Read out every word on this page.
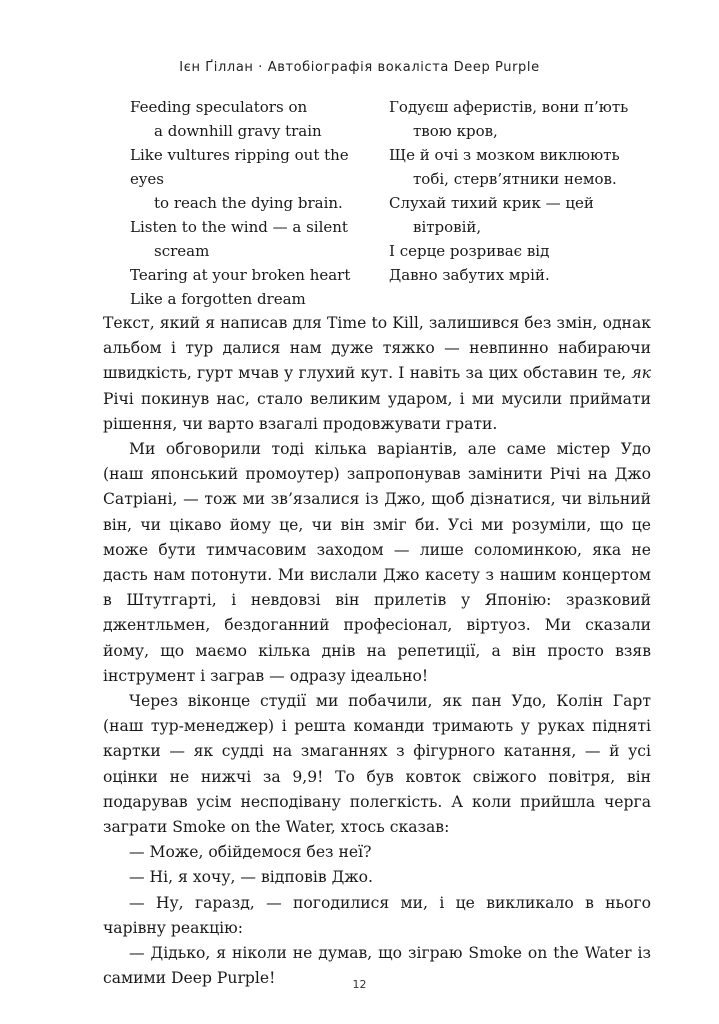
Ієн Ґіллан · Автобіографія вокаліста Deep Purple
Feeding speculators on
a downhill gravy train
Like vultures ripping out the eyes
to reach the dying brain.
Listen to the wind — a silent
scream
Tearing at your broken heart
Like a forgotten dream
Годуєш аферистів, вони п’ють
твою кров,
Ще й очі з мозком виклюють
тобі, стерв’ятники немов.
Слухай тихий крик — цей
вітровій,
І серце розриває від
Давно забутих мрій.

Текст, який я написав для Time to Kill, залишився без змін, однак альбом і тур далися нам дуже тяжко — невпинно набираючи швидкість, гурт мчав у глухий кут. І навіть за цих обставин те, як Річі покинув нас, стало великим ударом, і ми мусили приймати рішення, чи варто взагалі продовжувати грати.

Ми обговорили тоді кілька варіантів, але саме містер Удо (наш японський промоутер) запропонував замінити Річі на Джо Сатріані, — тож ми зв’язалися із Джо, щоб дізнатися, чи вільний він, чи цікаво йому це, чи він зміг би. Усі ми розуміли, що це може бути тимчасовим заходом — лише соломинкою, яка не дасть нам потонути. Ми вислали Джо касету з нашим концертом в Штутгарті, і невдовзі він прилетів у Японію: зразковий джентльмен, бездоганний професіонал, віртуоз. Ми сказали йому, що маємо кілька днів на репетиції, а він просто взяв інструмент і заграв — одразу ідеально!

Через віконце студії ми побачили, як пан Удо, Колін Гарт (наш тур-менеджер) і решта команди тримають у руках підняті картки — як судді на змаганнях з фігурного катання, — й усі оцінки не нижчі за 9,9! То був ковток свіжого повітря, він подарував усім несподівану полегкість. А коли прийшла черга заграти Smoke on the Water, хтось сказав:

— Може, обійдемося без неї?

— Ні, я хочу, — відповів Джо.

— Ну, гаразд, — погодилися ми, і це викликало в нього чарівну реакцію:

— Дідько, я ніколи не думав, що зіграю Smoke on the Water із самими Deep Purple!	12
